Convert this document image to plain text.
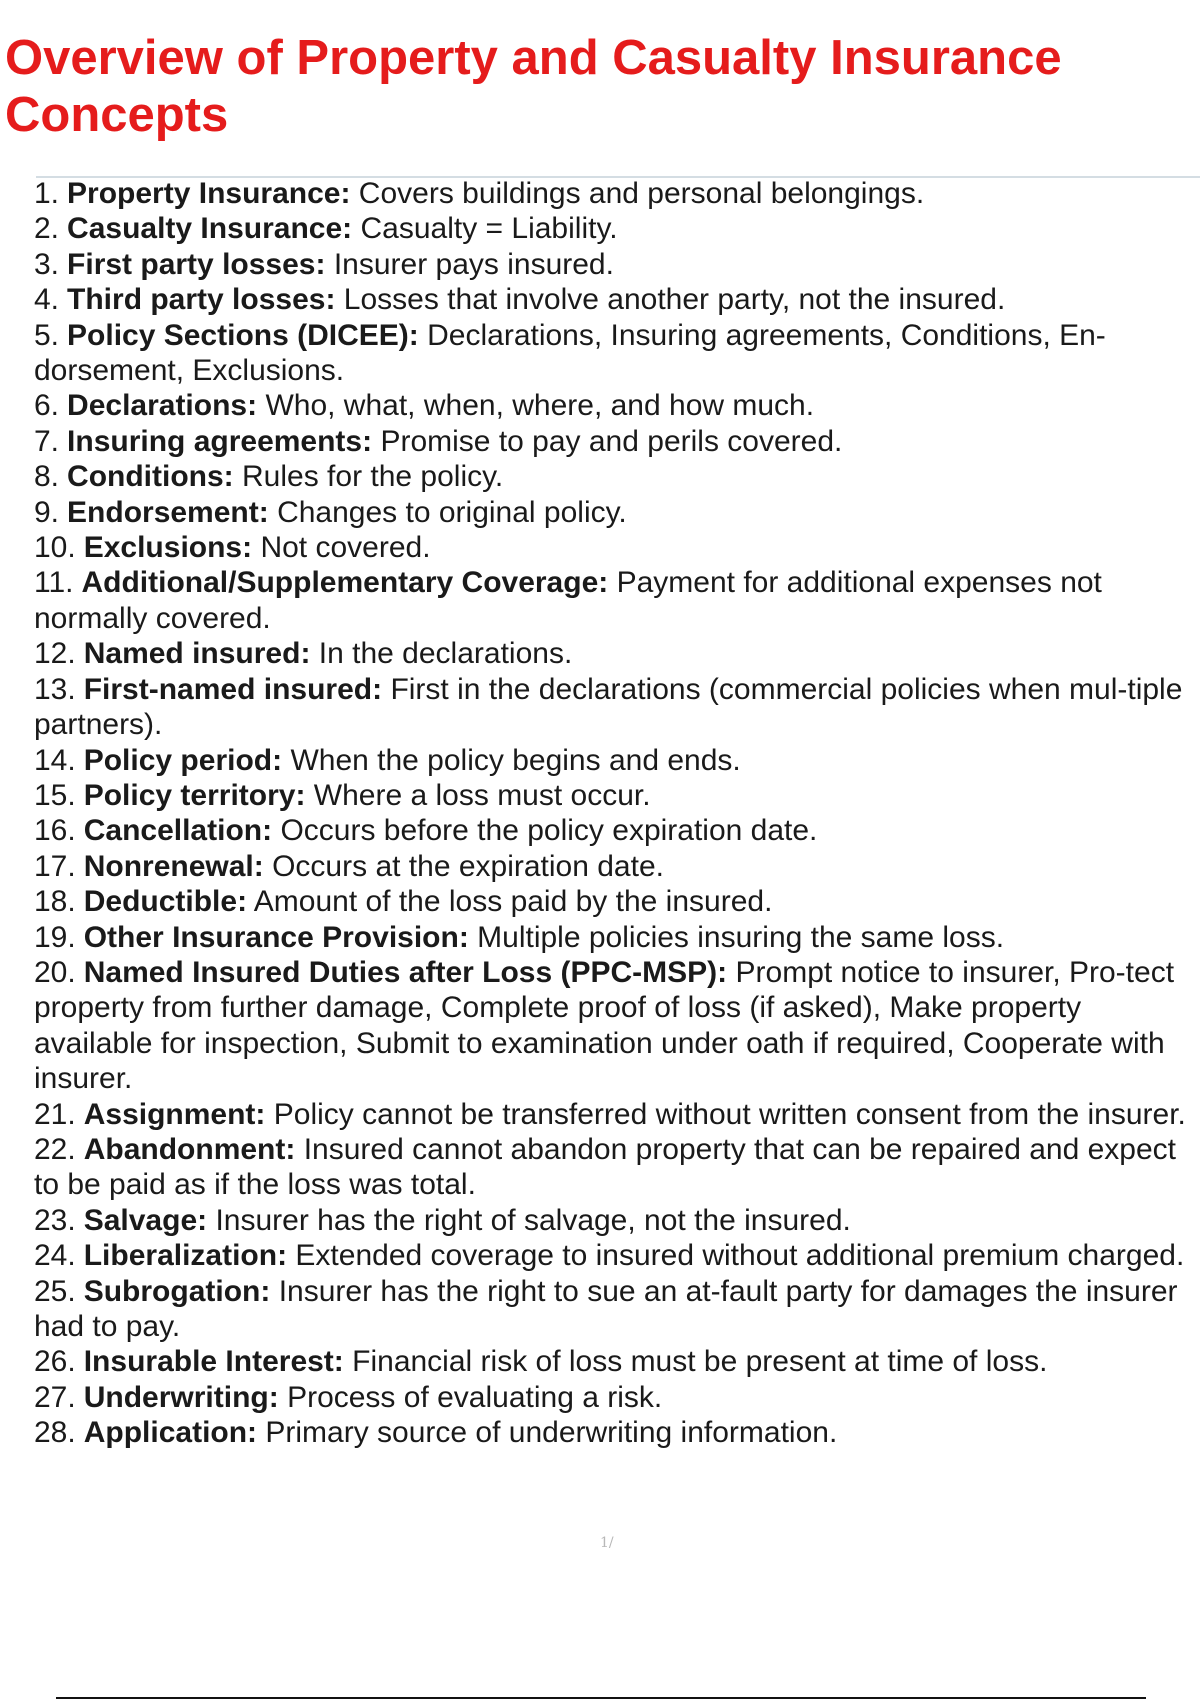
Overview of Property and Casualty Insurance Concepts
1. Property Insurance: Covers buildings and personal belongings.
2. Casualty Insurance: Casualty = Liability.
3. First party losses: Insurer pays insured.
4. Third party losses: Losses that involve another party, not the insured.
5. Policy Sections (DICEE): Declarations, Insuring agreements, Conditions, En-dorsement, Exclusions.
6. Declarations: Who, what, when, where, and how much.
7. Insuring agreements: Promise to pay and perils covered.
8. Conditions: Rules for the policy.
9. Endorsement: Changes to original policy.
10. Exclusions: Not covered.
11. Additional/Supplementary Coverage: Payment for additional expenses not normally covered.
12. Named insured: In the declarations.
13. First-named insured: First in the declarations (commercial policies when mul-tiple partners).
14. Policy period: When the policy begins and ends.
15. Policy territory: Where a loss must occur.
16. Cancellation: Occurs before the policy expiration date.
17. Nonrenewal: Occurs at the expiration date.
18. Deductible: Amount of the loss paid by the insured.
19. Other Insurance Provision: Multiple policies insuring the same loss.
20. Named Insured Duties after Loss (PPC-MSP): Prompt notice to insurer, Pro-tect property from further damage, Complete proof of loss (if asked), Make property available for inspection, Submit to examination under oath if required, Cooperate with insurer.
21. Assignment: Policy cannot be transferred without written consent from the insurer.
22. Abandonment: Insured cannot abandon property that can be repaired and expect to be paid as if the loss was total.
23. Salvage: Insurer has the right of salvage, not the insured.
24. Liberalization: Extended coverage to insured without additional premium charged.
25. Subrogation: Insurer has the right to sue an at-fault party for damages the insurer had to pay.
26. Insurable Interest: Financial risk of loss must be present at time of loss.
27. Underwriting: Process of evaluating a risk.
28. Application: Primary source of underwriting information.
1/
